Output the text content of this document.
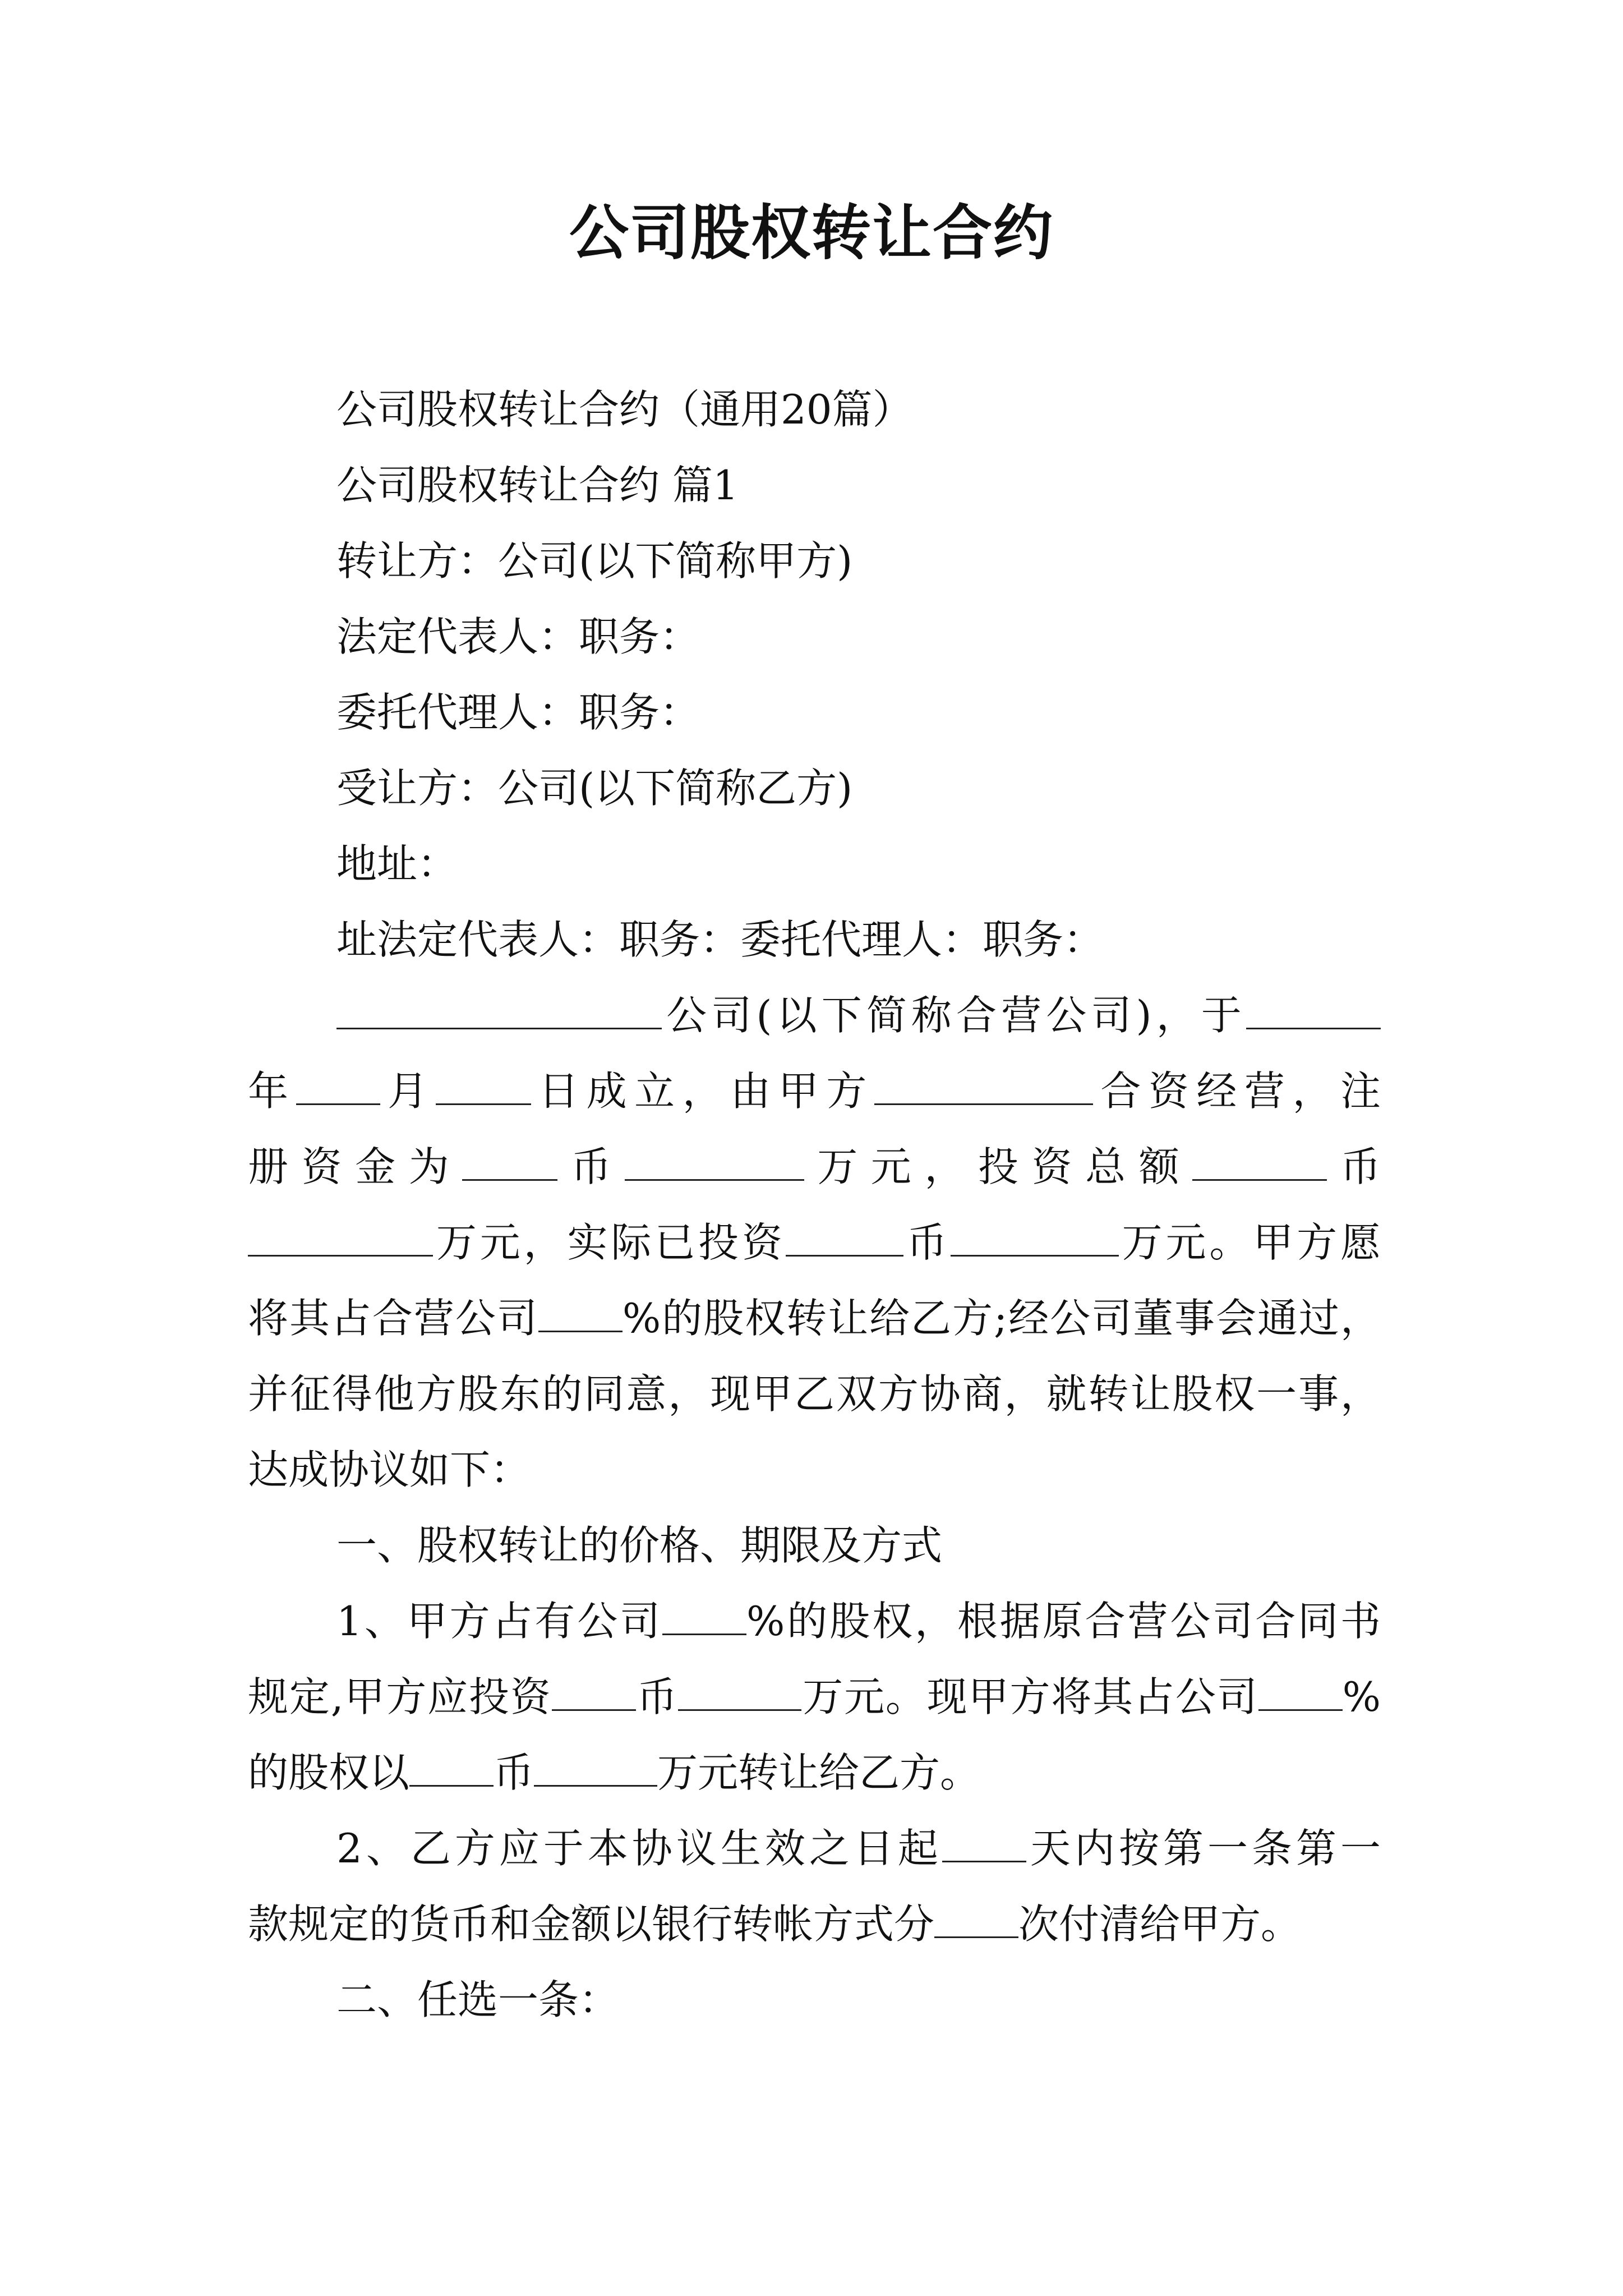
公司股权转让合约
公司股权转让合约（通用20篇）
公司股权转让合约 篇1
转让方：公司(以下简称甲方)
法定代表人：职务：
委托代理人：职务：
受让方：公司(以下简称乙方)
地址：
址法定代表人：职务：委托代理人：职务：
公司(以下简称合营公司)，于
年 月 日成立，由甲方	合资经营，注
册资金为 币	万元，投资总额	币
万元，实际已投资	币	万元。甲方愿
将其占合营公司 %的股权转让给乙方;经公司董事会通过，
并征得他方股东的同意，现甲乙双方协商，就转让股权一事，
达成协议如下：
一、股权转让的价格、期限及方式
1、甲方占有公司 %的股权，根据原合营公司合同书
规定,甲方应投资 币	万元。现甲方将其占公司 %
的股权以 币	万元转让给乙方。
2、乙方应于本协议生效之日起 天内按第一条第一
款规定的货币和金额以银行转帐方式分 次付清给甲方。
二、任选一条：
